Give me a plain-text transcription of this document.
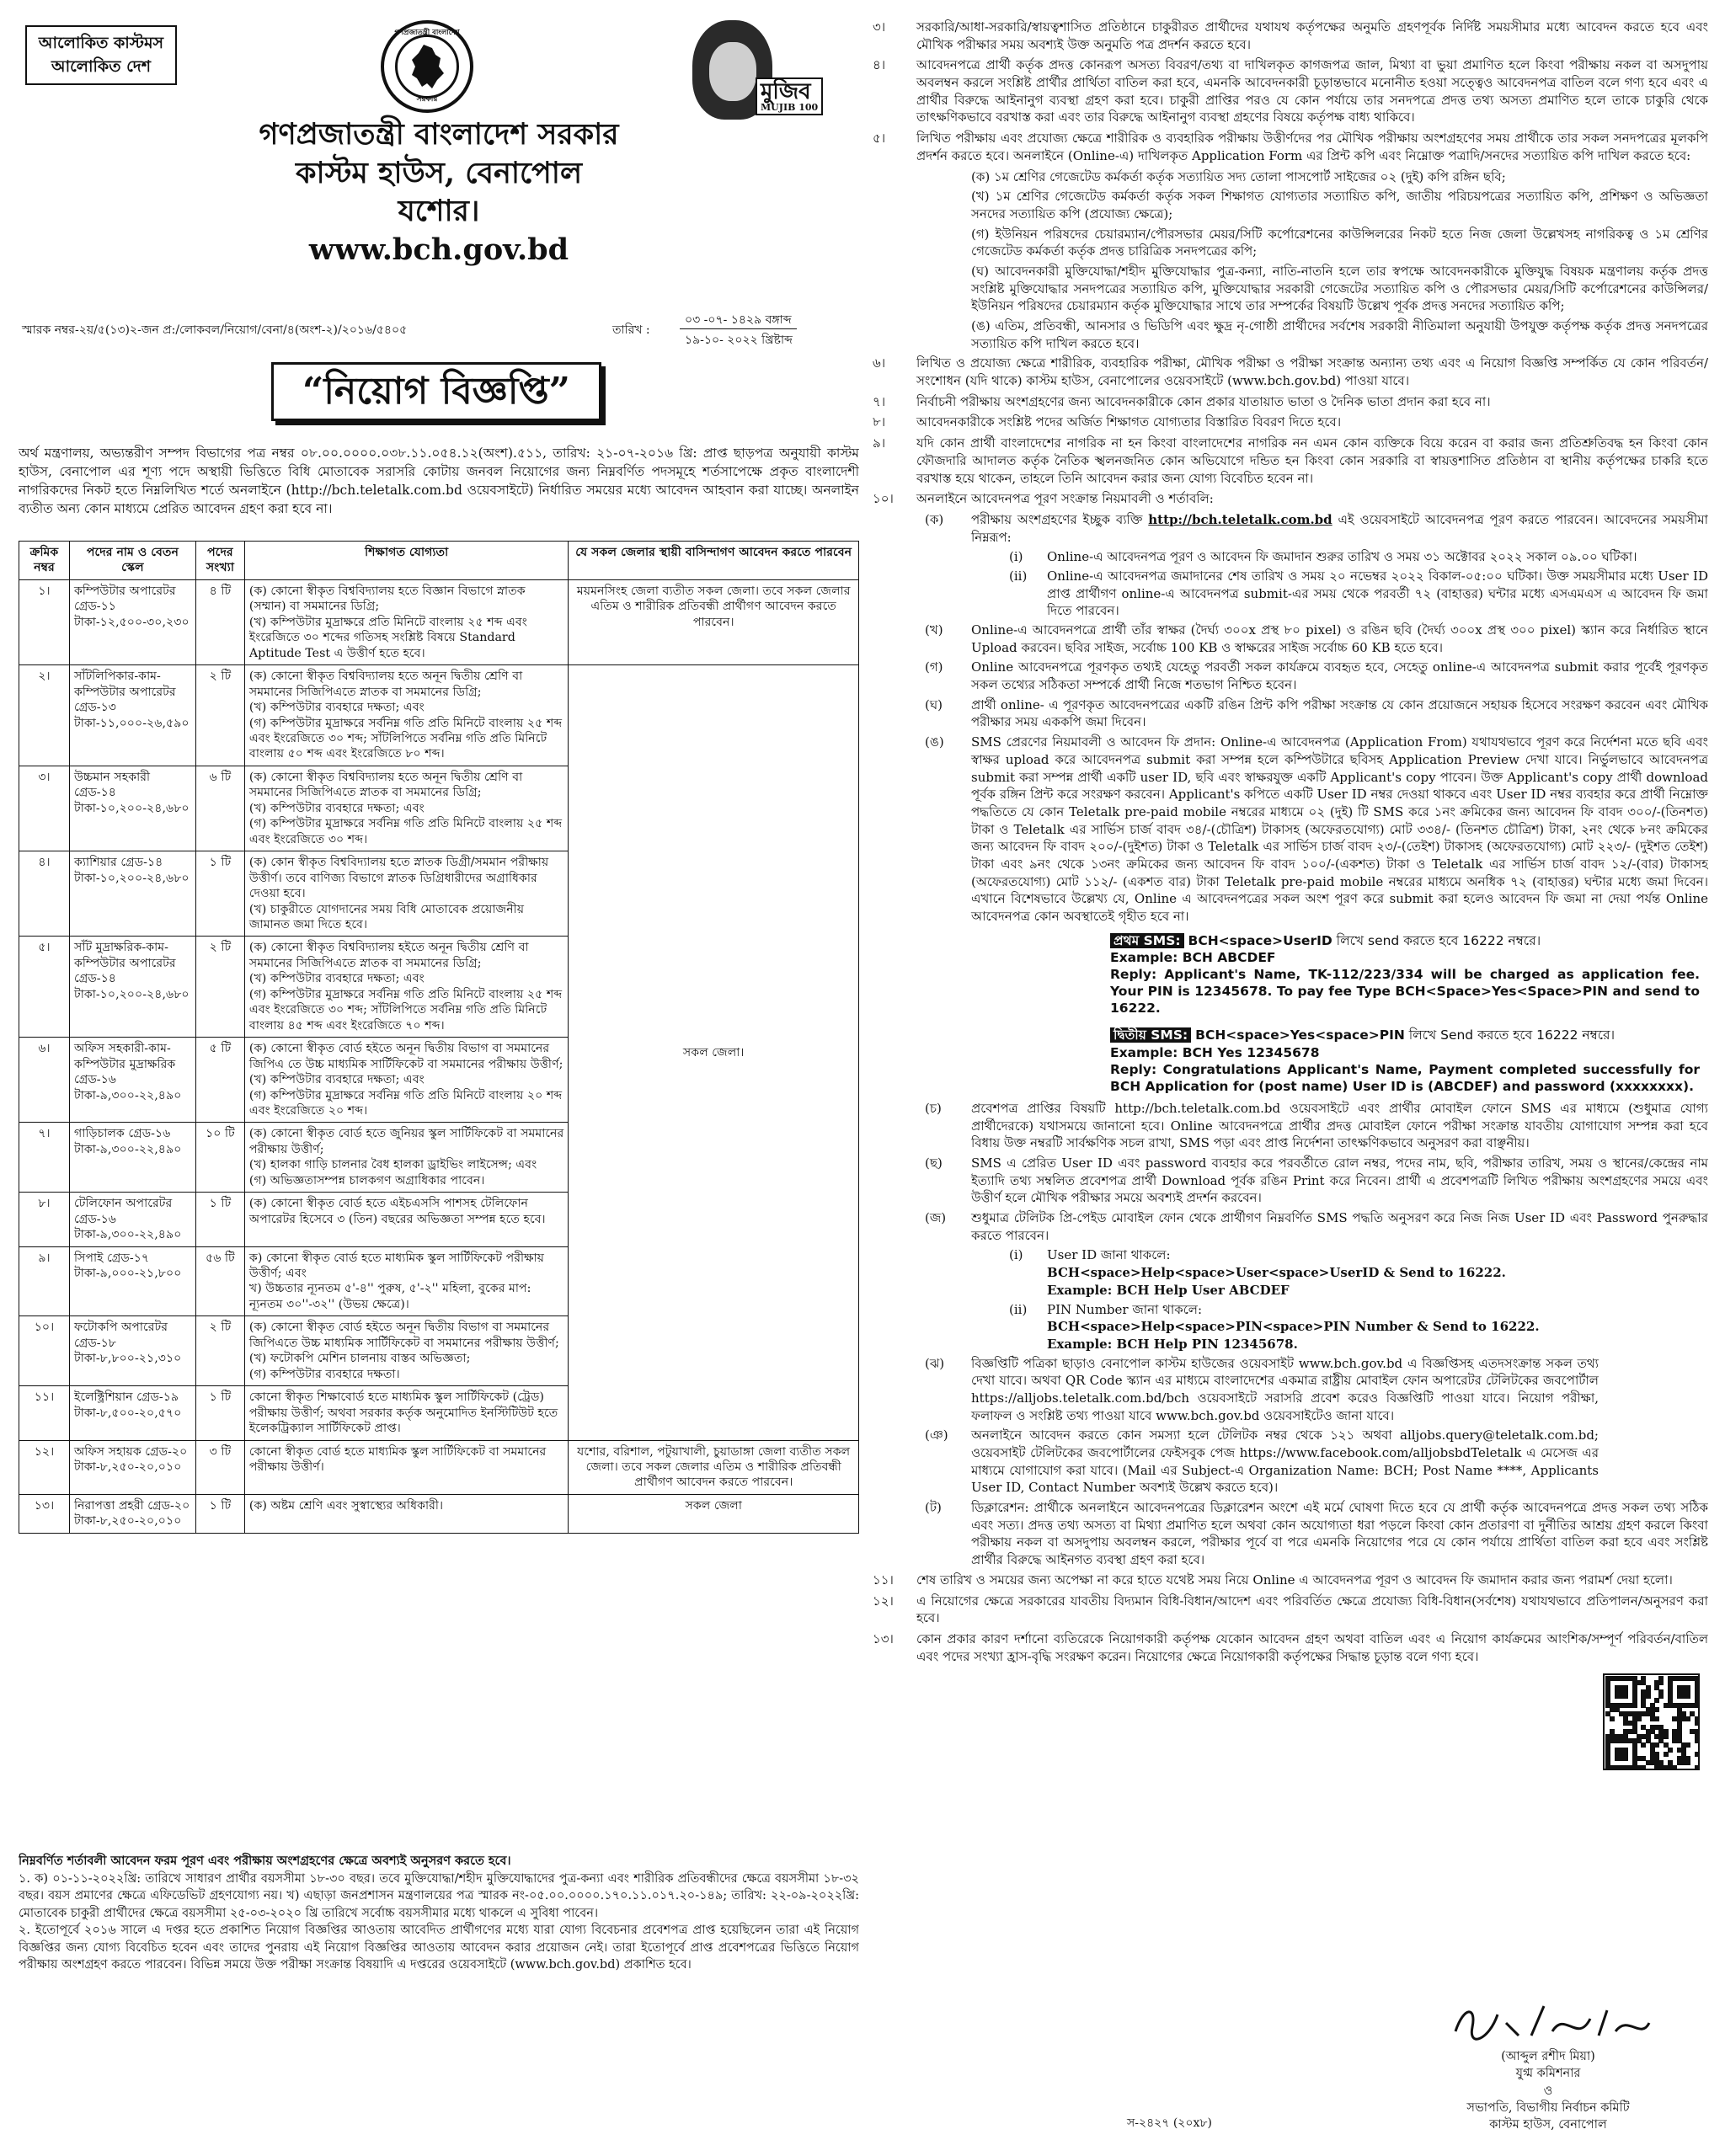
আলোকিত কাস্টমস
আলোকিত দেশ
গণপ্রজাতন্ত্রী বাংলাদেশ
সরকার	মুজিব
MUJIB 100
গণপ্রজাতন্ত্রী বাংলাদেশ সরকার
কাস্টম হাউস, বেনাপোল
যশোর।
www.bch.gov.bd
স্মারক নম্বর-২য়/৫(১৩)২-জন প্র:/লোকবল/নিয়োগ/বেনা/৪(অংশ-২)/২০১৬/৫৪০৫	তারিখ :
০৩ -০৭- ১৪২৯ বঙ্গাব্দ
১৯-১০- ২০২২ খ্রিষ্টাব্দ
“নিয়োগ বিজ্ঞপ্তি”
অর্থ মন্ত্রণালয়, অভ্যন্তরীণ সম্পদ বিভাগের পত্র নম্বর ০৮.০০.০০০০.০৩৮.১১.০৫৪.১২(অংশ).৫১১, তারিখ: ২১-০৭-২০১৬ খ্রি: প্রাপ্ত ছাড়পত্র অনুযায়ী কাস্টম হাউস, বেনাপোল এর শূণ্য পদে অস্থায়ী ভিত্তিতে বিধি মোতাবেক সরাসরি কোটায় জনবল নিয়োগের জন্য নিম্নবর্ণিত পদসমূহে শর্তসাপেক্ষে প্রকৃত বাংলাদেশী নাগরিকদের নিকট হতে নিম্নলিখিত শর্তে অনলাইনে (http://bch.teletalk.com.bd ওয়েবসাইটে) নির্ধারিত সময়ের মধ্যে আবেদন আহবান করা যাচ্ছে। অনলাইন ব্যতীত অন্য কোন মাধ্যমে প্রেরিত আবেদন গ্রহণ করা হবে না।
ক্রমিক নম্বর	পদের নাম ও বেতন স্কেল	পদের সংখ্যা	শিক্ষাগত যোগ্যতা	যে সকল জেলার স্থায়ী বাসিন্দাগণ আবেদন করতে পারবেন
১।	কম্পিউটার অপারেটর গ্রেড-১১ টাকা-১২,৫০০-৩০,২৩০	৪ টি	(ক) কোনো স্বীকৃত বিশ্ববিদ্যালয় হতে বিজ্ঞান বিভাগে স্নাতক (সম্মান) বা সমমানের ডিগ্রি;
(খ) কম্পিউটার মুদ্রাক্ষরে প্রতি মিনিটে বাংলায় ২৫ শব্দ এবং ইংরেজিতে ৩০ শব্দের গতিসহ সংশ্লিষ্ট বিষয়ে Standard Aptitude Test এ উত্তীর্ণ হতে হবে।	ময়মনসিংহ জেলা ব্যতীত সকল জেলা। তবে সকল জেলার এতিম ও শারীরিক প্রতিবন্ধী প্রার্থীগণ আবেদন করতে পারবেন।
২।	সাঁটলিপিকার-কাম-কম্পিউটার অপারেটর গ্রেড-১৩ টাকা-১১,০০০-২৬,৫৯০	২ টি	(ক) কোনো স্বীকৃত বিশ্ববিদ্যালয় হতে অনূন দ্বিতীয় শ্রেণি বা সমমানের সিজিপিএতে স্নাতক বা সমমানের ডিগ্রি;
(খ) কম্পিউটার ব্যবহারে দক্ষতা; এবং
(গ) কম্পিউটার মুদ্রাক্ষরে সর্বনিম্ন গতি প্রতি মিনিটে বাংলায় ২৫ শব্দ এবং ইংরেজিতে ৩০ শব্দ; সাঁটলিপিতে সর্বনিম্ন গতি প্রতি মিনিটে বাংলায় ৫০ শব্দ এবং ইংরেজিতে ৮০ শব্দ।	সকল জেলা।
৩।	উচ্চমান সহকারী গ্রেড-১৪ টাকা-১০,২০০-২৪,৬৮০	৬ টি	(ক) কোনো স্বীকৃত বিশ্ববিদ্যালয় হতে অনূন দ্বিতীয় শ্রেণি বা সমমানের সিজিপিএতে স্নাতক বা সমমানের ডিগ্রি;
(খ) কম্পিউটার ব্যবহারে দক্ষতা; এবং
(গ) কম্পিউটার মুদ্রাক্ষরে সর্বনিম্ন গতি প্রতি মিনিটে বাংলায় ২৫ শব্দ এবং ইংরেজিতে ৩০ শব্দ।	

৪।	ক্যাশিয়ার গ্রেড-১৪ টাকা-১০,২০০-২৪,৬৮০	১ টি	(ক) কোন স্বীকৃত বিশ্ববিদ্যালয় হতে স্নাতক ডিগ্রী/সমমান পরীক্ষায় উত্তীর্ণ। তবে বাণিজ্য বিভাগে স্নাতক ডিগ্রিধারীদের অগ্রাধিকার দেওয়া হবে।
(খ) চাকুরীতে যোগদানের সময় বিধি মোতাবেক প্রয়োজনীয় জামানত জমা দিতে হবে।	

৫।	সাঁট মুদ্রাক্ষরিক-কাম-কম্পিউটার অপারেটর গ্রেড-১৪ টাকা-১০,২০০-২৪,৬৮০	২ টি	(ক) কোনো স্বীকৃত বিশ্ববিদ্যালয় হইতে অনূন দ্বিতীয় শ্রেণি বা সমমানের সিজিপিএতে স্নাতক বা সমমানের ডিগ্রি;
(খ) কম্পিউটার ব্যবহারে দক্ষতা; এবং
(গ) কম্পিউটার মুদ্রাক্ষরে সর্বনিম্ন গতি প্রতি মিনিটে বাংলায় ২৫ শব্দ এবং ইংরেজিতে ৩০ শব্দ; সাঁটলিপিতে সর্বনিম্ন গতি প্রতি মিনিটে বাংলায় ৪৫ শব্দ এবং ইংরেজিতে ৭০ শব্দ।	

৬।	অফিস সহকারী-কাম-কম্পিউটার মুদ্রাক্ষরিক গ্রেড-১৬ টাকা-৯,৩০০-২২,৪৯০	৫ টি	(ক) কোনো স্বীকৃত বোর্ড হইতে অনূন দ্বিতীয় বিভাগ বা সমমানের জিপিএ তে উচ্চ মাধ্যমিক সার্টিফিকেট বা সমমানের পরীক্ষায় উত্তীর্ণ;
(খ) কম্পিউটার ব্যবহারে দক্ষতা; এবং
(গ) কম্পিউটার মুদ্রাক্ষরে সর্বনিম্ন গতি প্রতি মিনিটে বাংলায় ২০ শব্দ এবং ইংরেজিতে ২০ শব্দ।	

৭।	গাড়িচালক গ্রেড-১৬ টাকা-৯,৩০০-২২,৪৯০	১০ টি	(ক) কোনো স্বীকৃত বোর্ড হতে জুনিয়র স্কুল সার্টিফিকেট বা সমমানের পরীক্ষায় উত্তীর্ণ;
(খ) হালকা গাড়ি চালনার বৈধ হালকা ড্রাইভিং লাইসেন্স; এবং
(গ) অভিজ্ঞতাসম্পন্ন চালকগণ অগ্রাধিকার পাবেন।	

৮।	টেলিফোন অপারেটর গ্রেড-১৬ টাকা-৯,৩০০-২২,৪৯০	১ টি	(ক) কোনো স্বীকৃত বোর্ড হতে এইচএসসি পাশসহ টেলিফোন অপারেটর হিসেবে ৩ (তিন) বছরের অভিজ্ঞতা সম্পন্ন হতে হবে।	

৯।	সিপাই গ্রেড-১৭ টাকা-৯,০০০-২১,৮০০	৫৬ টি	ক) কোনো স্বীকৃত বোর্ড হতে মাধ্যমিক স্কুল সার্টিফিকেট পরীক্ষায় উত্তীর্ণ; এবং
খ) উচ্চতার ন্যূনতম ৫'-৪'' পুরুষ, ৫'-২'' মহিলা, বুকের মাপ: ন্যূনতম ৩০''-৩২'' (উভয় ক্ষেত্রে)।	

১০।	ফটোকপি অপারেটর গ্রেড-১৮ টাকা-৮,৮০০-২১,৩১০	২ টি	(ক) কোনো স্বীকৃত বোর্ড হইতে অনূন দ্বিতীয় বিভাগ বা সমমানের জিপিএতে উচ্চ মাধ্যমিক সার্টিফিকেট বা সমমানের পরীক্ষায় উত্তীর্ণ;
(খ) ফটোকপি মেশিন চালনায় বাস্তব অভিজ্ঞতা;
(গ) কম্পিউটার ব্যবহারে দক্ষতা।	

১১।	ইলেক্ট্রিশিয়ান গ্রেড-১৯ টাকা-৮,৫০০-২০,৫৭০	১ টি	কোনো স্বীকৃত শিক্ষাবোর্ড হতে মাধ্যমিক স্কুল সার্টিফিকেট (ট্রেড) পরীক্ষায় উত্তীর্ণ; অথবা সরকার কর্তৃক অনুমোদিত ইনস্টিটিউট হতে ইলেকট্রিক্যাল সার্টিফিকেট প্রাপ্ত।	

১২।	অফিস সহায়ক গ্রেড-২০ টাকা-৮,২৫০-২০,০১০	৩ টি	কোনো স্বীকৃত বোর্ড হতে মাধ্যমিক স্কুল সার্টিফিকেট বা সমমানের পরীক্ষায় উত্তীর্ণ।	যশোর, বরিশাল, পটুয়াখালী, চুয়াডাঙ্গা জেলা ব্যতীত সকল জেলা। তবে সকল জেলার এতিম ও শারীরিক প্রতিবন্ধী প্রার্থীগণ আবেদন করতে পারবেন।
১৩।	নিরাপত্তা প্রহরী গ্রেড-২০ টাকা-৮,২৫০-২০,০১০	১ টি	(ক) অষ্টম শ্রেণি এবং সুস্বাস্থ্যের অধিকারী।	সকল জেলা
নিম্নবর্ণিত শর্তাবলী আবেদন ফরম পূরণ এবং পরীক্ষায় অংশগ্রহণের ক্ষেত্রে অবশ্যই অনুসরণ করতে হবে।
১. ক) ০১-১১-২০২২খ্রি: তারিখে সাধারণ প্রার্থীর বয়সসীমা ১৮-৩০ বছর। তবে মুক্তিযোদ্ধা/শহীদ মুক্তিযোদ্ধাদের পুত্র-কন্যা এবং শারীরিক প্রতিবন্ধীদের ক্ষেত্রে বয়সসীমা ১৮-৩২ বছর। বয়স প্রমাণের ক্ষেত্রে এফিডেভিট গ্রহণযোগ্য নয়। খ) এছাড়া জনপ্রশাসন মন্ত্রণালয়ের পত্র স্মারক নং-০৫.০০.০০০০.১৭০.১১.০১৭.২০-১৪৯; তারিখ: ২২-০৯-২০২২খ্রি: মোতাবেক চাকুরী প্রার্থীদের ক্ষেত্রে বয়সসীমা ২৫-০৩-২০২০ খ্রি তারিখে সর্বোচ্চ বয়সসীমার মধ্যে থাকলে এ সুবিধা পাবেন।
২. ইতোপূর্বে ২০১৬ সালে এ দপ্তর হতে প্রকাশিত নিয়োগ বিজ্ঞপ্তির আওতায় আবেদিত প্রার্থীগণের মধ্যে যারা যোগ্য বিবেচনার প্রবেশপত্র প্রাপ্ত হয়েছিলেন তারা এই নিয়োগ বিজ্ঞপ্তির জন্য যোগ্য বিবেচিত হবেন এবং তাদের পুনরায় এই নিয়োগ বিজ্ঞপ্তির আওতায় আবেদন করার প্রয়োজন নেই। তারা ইতোপূর্বে প্রাপ্ত প্রবেশপত্রের ভিত্তিতে নিয়োগ পরীক্ষায় অংশগ্রহণ করতে পারবেন। বিভিন্ন সময়ে উক্ত পরীক্ষা সংক্রান্ত বিষয়াদি এ দপ্তরের ওয়েবসাইটে (www.bch.gov.bd) প্রকাশিত হবে।
৩। সরকারি/আধা-সরকারি/স্বায়ত্বশাসিত প্রতিষ্ঠানে চাকুরীরত প্রার্থীদের যথাযথ কর্তৃপক্ষের অনুমতি গ্রহণপূর্বক নির্দিষ্ট সময়সীমার মধ্যে আবেদন করতে হবে এবং মৌখিক পরীক্ষার সময় অবশ্যই উক্ত অনুমতি পত্র প্রদর্শন করতে হবে।
৪। আবেদনপত্রে প্রার্থী কর্তৃক প্রদত্ত কোনরূপ অসত্য বিবরণ/তথ্য বা দাখিলকৃত কাগজপত্র জাল, মিথ্যা বা ভুয়া প্রমাণিত হলে কিংবা পরীক্ষায় নকল বা অসদুপায় অবলম্বন করলে সংশ্লিষ্ট প্রার্থীর প্রার্থিতা বাতিল করা হবে, এমনকি আবেদনকারী চূড়ান্তভাবে মনোনীত হওয়া সত্ত্বেও আবেদনপত্র বাতিল বলে গণ্য হবে এবং এ প্রার্থীর বিরুদ্ধে আইনানুগ ব্যবস্থা গ্রহণ করা হবে। চাকুরী প্রাপ্তির পরও যে কোন পর্যায়ে তার সনদপত্রে প্রদত্ত তথ্য অসত্য প্রমাণিত হলে তাকে চাকুরি থেকে তাৎক্ষণিকভাবে বরখাস্ত করা এবং তার বিরুদ্ধে আইনানুগ ব্যবস্থা গ্রহণের বিষয়ে কর্তৃপক্ষ বাধ্য থাকিবে।
৫। লিখিত পরীক্ষায় এবং প্রযোজ্য ক্ষেত্রে শারীরিক ও ব্যবহারিক পরীক্ষায় উত্তীর্ণদের পর মৌখিক পরীক্ষায় অংশগ্রহণের সময় প্রার্থীকে তার সকল সনদপত্রের মূলকপি প্রদর্শন করতে হবে। অনলাইনে (Online-এ) দাখিলকৃত Application Form এর প্রিন্ট কপি এবং নিম্নোক্ত পত্রাদি/সনদের সত্যায়িত কপি দাখিল করতে হবে:
(ক) ১ম শ্রেণির গেজেটেড কর্মকর্তা কর্তৃক সত্যায়িত সদ্য তোলা পাসপোর্ট সাইজের ০২ (দুই) কপি রঙ্গিন ছবি;
(খ) ১ম শ্রেণির গেজেটেড কর্মকর্তা কর্তৃক সকল শিক্ষাগত যোগ্যতার সত্যায়িত কপি, জাতীয় পরিচয়পত্রের সত্যায়িত কপি, প্রশিক্ষণ ও অভিজ্ঞতা সনদের সত্যায়িত কপি (প্রযোজ্য ক্ষেত্রে);
(গ) ইউনিয়ন পরিষদের চেয়ারম্যান/পৌরসভার মেয়র/সিটি কর্পোরেশনের কাউন্সিলরের নিকট হতে নিজ জেলা উল্লেখসহ নাগরিকত্ব ও ১ম শ্রেণির গেজেটেড কর্মকর্তা কর্তৃক প্রদত্ত চারিত্রিক সনদপত্রের কপি;
(ঘ) আবেদনকারী মুক্তিযোদ্ধা/শহীদ মুক্তিযোদ্ধার পুত্র-কন্যা, নাতি-নাতনি হলে তার স্বপক্ষে আবেদনকারীকে মুক্তিযুদ্ধ বিষয়ক মন্ত্রণালয় কর্তৃক প্রদত্ত সংশ্লিষ্ট মুক্তিযোদ্ধার সনদপত্রের সত্যায়িত কপি, মুক্তিযোদ্ধার সরকারী গেজেটের সত্যায়িত কপি ও পৌরসভার মেয়র/সিটি কর্পোরেশনের কাউন্সিলর/ইউনিয়ন পরিষদের চেয়ারম্যান কর্তৃক মুক্তিযোদ্ধার সাথে তার সম্পর্কের বিষয়টি উল্লেখ পূর্বক প্রদত্ত সনদের সত্যায়িত কপি;
(ঙ) এতিম, প্রতিবন্ধী, আনসার ও ভিডিপি এবং ক্ষুদ্র নৃ-গোষ্ঠী প্রার্থীদের সর্বশেষ সরকারী নীতিমালা অনুযায়ী উপযুক্ত কর্তৃপক্ষ কর্তৃক প্রদত্ত সনদপত্রের সত্যায়িত কপি দাখিল করতে হবে।
৬। লিখিত ও প্রযোজ্য ক্ষেত্রে শারীরিক, ব্যবহারিক পরীক্ষা, মৌখিক পরীক্ষা ও পরীক্ষা সংক্রান্ত অন্যান্য তথ্য এবং এ নিয়োগ বিজ্ঞপ্তি সম্পর্কিত যে কোন পরিবর্তন/সংশোধন (যদি থাকে) কাস্টম হাউস, বেনাপোলের ওয়েবসাইটে (www.bch.gov.bd) পাওয়া যাবে।
৭। নির্বাচনী পরীক্ষায় অংশগ্রহণের জন্য আবেদনকারীকে কোন প্রকার যাতায়াত ভাতা ও দৈনিক ভাতা প্রদান করা হবে না।
৮। আবেদনকারীকে সংশ্লিষ্ট পদের অর্জিত শিক্ষাগত যোগ্যতার বিস্তারিত বিবরণ দিতে হবে।
৯। যদি কোন প্রার্থী বাংলাদেশের নাগরিক না হন কিংবা বাংলাদেশের নাগরিক নন এমন কোন ব্যক্তিকে বিয়ে করেন বা করার জন্য প্রতিশ্রুতিবদ্ধ হন কিংবা কোন ফৌজদারি আদালত কর্তৃক নৈতিক স্খলনজনিত কোন অভিযোগে দন্ডিত হন কিংবা কোন সরকারি বা স্বায়ত্তশাসিত প্রতিষ্ঠান বা স্থানীয় কর্তৃপক্ষের চাকরি হতে বরখাস্ত হয়ে থাকেন, তাহলে তিনি আবেদন করার জন্য যোগ্য বিবেচিত হবেন না।
১০। অনলাইনে আবেদনপত্র পূরণ সংক্রান্ত নিয়মাবলী ও শর্তাবলি:
(ক) পরীক্ষায় অংশগ্রহণের ইচ্ছুক ব্যক্তি http://bch.teletalk.com.bd এই ওয়েবসাইটে আবেদনপত্র পূরণ করতে পারবেন। আবেদনের সময়সীমা নিম্নরূপ:
(i) Online-এ আবেদনপত্র পূরণ ও আবেদন ফি জমাদান শুরুর তারিখ ও সময় ৩১ অক্টোবর ২০২২ সকাল ০৯.০০ ঘটিকা।
(ii) Online-এ আবেদনপত্র জমাদানের শেষ তারিখ ও সময় ২০ নভেম্বর ২০২২ বিকাল-০৫:০০ ঘটিকা। উক্ত সময়সীমার মধ্যে User ID প্রাপ্ত প্রার্থীগণ online-এ আবেদনপত্র submit-এর সময় থেকে পরবর্তী ৭২ (বাহাত্তর) ঘন্টার মধ্যে এসএমএস এ আবেদন ফি জমা দিতে পারবেন।
(খ) Online-এ আবেদনপত্রে প্রার্থী তাঁর স্বাক্ষর (দৈর্ঘ্য ৩০০x প্রস্থ ৮০ pixel) ও রঙিন ছবি (দৈর্ঘ্য ৩০০x প্রস্থ ৩০০ pixel) স্ক্যান করে নির্ধারিত স্থানে Upload করবেন। ছবির সাইজ, সর্বোচ্চ 100 KB ও স্বাক্ষরের সাইজ সর্বোচ্চ 60 KB হতে হবে।
(গ) Online আবেদনপত্রে পূরণকৃত তথ্যই যেহেতু পরবর্তী সকল কার্যক্রমে ব্যবহৃত হবে, সেহেতু online-এ আবেদনপত্র submit করার পূর্বেই পূরণকৃত সকল তথ্যের সঠিকতা সম্পর্কে প্রার্থী নিজে শতভাগ নিশ্চিত হবেন।
(ঘ) প্রার্থী online- এ পূরণকৃত আবেদনপত্রের একটি রঙিন প্রিন্ট কপি পরীক্ষা সংক্রান্ত যে কোন প্রয়োজনে সহায়ক হিসেবে সংরক্ষণ করবেন এবং মৌখিক পরীক্ষার সময় এককপি জমা দিবেন।
(ঙ) SMS প্রেরণের নিয়মাবলী ও আবেদন ফি প্রদান: Online-এ আবেদনপত্র (Application From) যথাযথভাবে পূরণ করে নির্দেশনা মতে ছবি এবং স্বাক্ষর upload করে আবেদনপত্র submit করা সম্পন্ন হলে কম্পিউটারে ছবিসহ Application Preview দেখা যাবে। নির্ভুলভাবে আবেদনপত্র submit করা সম্পন্ন প্রার্থী একটি user ID, ছবি এবং স্বাক্ষরযুক্ত একটি Applicant's copy পাবেন। উক্ত Applicant's copy প্রার্থী download পূর্বক রঙ্গিন প্রিন্ট করে সংরক্ষণ করবেন। Applicant's কপিতে একটি User ID নম্বর দেওয়া থাকবে এবং User ID নম্বর ব্যবহার করে প্রার্থী নিম্নোক্ত পদ্ধতিতে যে কোন Teletalk pre-paid mobile নম্বরের মাধ্যমে ০২ (দুই) টি SMS করে ১নং ক্রমিকের জন্য আবেদন ফি বাবদ ৩০০/-(তিনশত) টাকা ও Teletalk এর সার্ভিস চার্জ বাবদ ৩৪/-(চৌত্রিশ) টাকাসহ (অফেরতযোগ্য) মোট ৩৩৪/- (তিনশত চৌত্রিশ) টাকা, ২নং থেকে ৮নং ক্রমিকের জন্য আবেদন ফি বাবদ ২০০/-(দুইশত) টাকা ও Teletalk এর সার্ভিস চার্জ বাবদ ২৩/-(তেইশ) টাকাসহ (অফেরতযোগ্য) মোট ২২৩/- (দুইশত তেইশ) টাকা এবং ৯নং থেকে ১৩নং ক্রমিকের জন্য আবেদন ফি বাবদ ১০০/-(একশত) টাকা ও Teletalk এর সার্ভিস চার্জ বাবদ ১২/-(বার) টাকাসহ (অফেরতযোগ্য) মোট ১১২/- (একশত বার) টাকা Teletalk pre-paid mobile নম্বরের মাধ্যমে অনধিক ৭২ (বাহাত্তর) ঘন্টার মধ্যে জমা দিবেন। এখানে বিশেষভাবে উল্লেখ্য যে, Online এ আবেদনপত্রের সকল অংশ পূরণ করে submit করা হলেও আবেদন ফি জমা না দেয়া পর্যন্ত Online আবেদনপত্র কোন অবস্থাতেই গৃহীত হবে না।
প্রথম SMS: BCH<space>UserID লিখে send করতে হবে 16222 নম্বরে।
Example: BCH ABCDEF
Reply: Applicant's Name, TK-112/223/334 will be charged as application fee. Your PIN is 12345678. To pay fee Type BCH<Space>Yes<Space>PIN and send to 16222.
দ্বিতীয় SMS: BCH<space>Yes<space>PIN লিখে Send করতে হবে 16222 নম্বরে।
Example: BCH Yes 12345678
Reply: Congratulations Applicant's Name, Payment completed successfully for BCH Application for (post name) User ID is (ABCDEF) and password (xxxxxxxx).
(চ) প্রবেশপত্র প্রাপ্তির বিষয়টি http://bch.teletalk.com.bd ওয়েবসাইটে এবং প্রার্থীর মোবাইল ফোনে SMS এর মাধ্যমে (শুধুমাত্র যোগ্য প্রার্থীদেরকে) যথাসময়ে জানানো হবে। Online আবেদনপত্রে প্রার্থীর প্রদত্ত মোবাইল ফোনে পরীক্ষা সংক্রান্ত যাবতীয় যোগাযোগ সম্পন্ন করা হবে বিধায় উক্ত নম্বরটি সার্বক্ষণিক সচল রাখা, SMS পড়া এবং প্রাপ্ত নির্দেশনা তাৎক্ষণিকভাবে অনুসরণ করা বাঞ্ছনীয়।
(ছ) SMS এ প্রেরিত User ID এবং password ব্যবহার করে পরবর্তীতে রোল নম্বর, পদের নাম, ছবি, পরীক্ষার তারিখ, সময় ও স্থানের/কেন্দ্রের নাম ইত্যাদি তথ্য সম্বলিত প্রবেশপত্র প্রার্থী Download পূর্বক রঙিন Print করে নিবেন। প্রার্থী এ প্রবেশপত্রটি লিখিত পরীক্ষায় অংশগ্রহণের সময়ে এবং উত্তীর্ণ হলে মৌখিক পরীক্ষার সময়ে অবশ্যই প্রদর্শন করবেন।
(জ) শুধুমাত্র টেলিটক প্রি-পেইড মোবাইল ফোন থেকে প্রার্থীগণ নিম্নবর্ণিত SMS পদ্ধতি অনুসরণ করে নিজ নিজ User ID এবং Password পুনরুদ্ধার করতে পারবেন।
(i) User ID জানা থাকলে:
BCH<space>Help<space>User<space>UserID & Send to 16222.
Example: BCH Help User ABCDEF
(ii) PIN Number জানা থাকলে:
BCH<space>Help<space>PIN<space>PIN Number & Send to 16222.
Example: BCH Help PIN 12345678.
(ঝ) বিজ্ঞপ্তিটি পত্রিকা ছাড়াও বেনাপোল কাস্টম হাউজের ওয়েবসাইট www.bch.gov.bd এ বিজ্ঞপ্তিসহ এতদসংক্রান্ত সকল তথ্য দেখা যাবে। অথবা QR Code স্ক্যান এর মাধ্যমে বাংলাদেশের একমাত্র রাষ্ট্রীয় মোবাইল ফোন অপারেটর টেলিটকের জবপোর্টাল https://alljobs.teletalk.com.bd/bch ওয়েবসাইটে সরাসরি প্রবেশ করেও বিজ্ঞপ্তিটি পাওয়া যাবে। নিয়োগ পরীক্ষা, ফলাফল ও সংশ্লিষ্ট তথ্য পাওয়া যাবে www.bch.gov.bd ওয়েবসাইটেও জানা যাবে।
(ঞ) অনলাইনে আবেদন করতে কোন সমস্যা হলে টেলিটক নম্বর থেকে ১২১ অথবা alljobs.query@teletalk.com.bd; ওয়েবসাইট টেলিটকের জবপোর্টালের ফেইসবুক পেজ https://www.facebook.com/alljobsbdTeletalk এ মেসেজ এর মাধ্যমে যোগাযোগ করা যাবে। (Mail এর Subject-এ Organization Name: BCH; Post Name ****, Applicants User ID, Contact Number অবশ্যই উল্লেখ করতে হবে)।
(ট) ডিক্লারেশন: প্রার্থীকে অনলাইনে আবেদনপত্রের ডিক্লারেশন অংশে এই মর্মে ঘোষণা দিতে হবে যে প্রার্থী কর্তৃক আবেদনপত্রে প্রদত্ত সকল তথ্য সঠিক এবং সত্য। প্রদত্ত তথ্য অসত্য বা মিথ্যা প্রমাণিত হলে অথবা কোন অযোগ্যতা ধরা পড়লে কিংবা কোন প্রতারণা বা দুর্নীতির আশ্রয় গ্রহণ করলে কিংবা পরীক্ষায় নকল বা অসদুপায় অবলম্বন করলে, পরীক্ষার পূর্বে বা পরে এমনকি নিয়োগের পরে যে কোন পর্যায়ে প্রার্থিতা বাতিল করা হবে এবং সংশ্লিষ্ট প্রার্থীর বিরুদ্ধে আইনগত ব্যবস্থা গ্রহণ করা হবে।
১১। শেষ তারিখ ও সময়ের জন্য অপেক্ষা না করে হাতে যথেষ্ট সময় নিয়ে Online এ আবেদনপত্র পূরণ ও আবেদন ফি জমাদান করার জন্য পরামর্শ দেয়া হলো।
১২। এ নিয়োগের ক্ষেত্রে সরকারের যাবতীয় বিদ্যমান বিধি-বিধান/আদেশ এবং পরিবর্তিত ক্ষেত্রে প্রযোজ্য বিধি-বিধান(সর্বশেষ) যথাযথভাবে প্রতিপালন/অনুসরণ করা হবে।
১৩। কোন প্রকার কারণ দর্শানো ব্যতিরেকে নিয়োগকারী কর্তৃপক্ষ যেকোন আবেদন গ্রহণ অথবা বাতিল এবং এ নিয়োগ কার্যক্রমের আংশিক/সম্পূর্ণ পরিবর্তন/বাতিল এবং পদের সংখ্যা হ্রাস-বৃদ্ধি সংরক্ষণ করেন। নিয়োগের ক্ষেত্রে নিয়োগকারী কর্তৃপক্ষের সিদ্ধান্ত চূড়ান্ত বলে গণ্য হবে।
(আব্দুল রশীদ মিয়া)
যুগ্ম কমিশনার
ও
সভাপতি, বিভাগীয় নির্বাচন কমিটি
কাস্টম হাউস, বেনাপোল
স-২৪২৭ (২০x৮)
